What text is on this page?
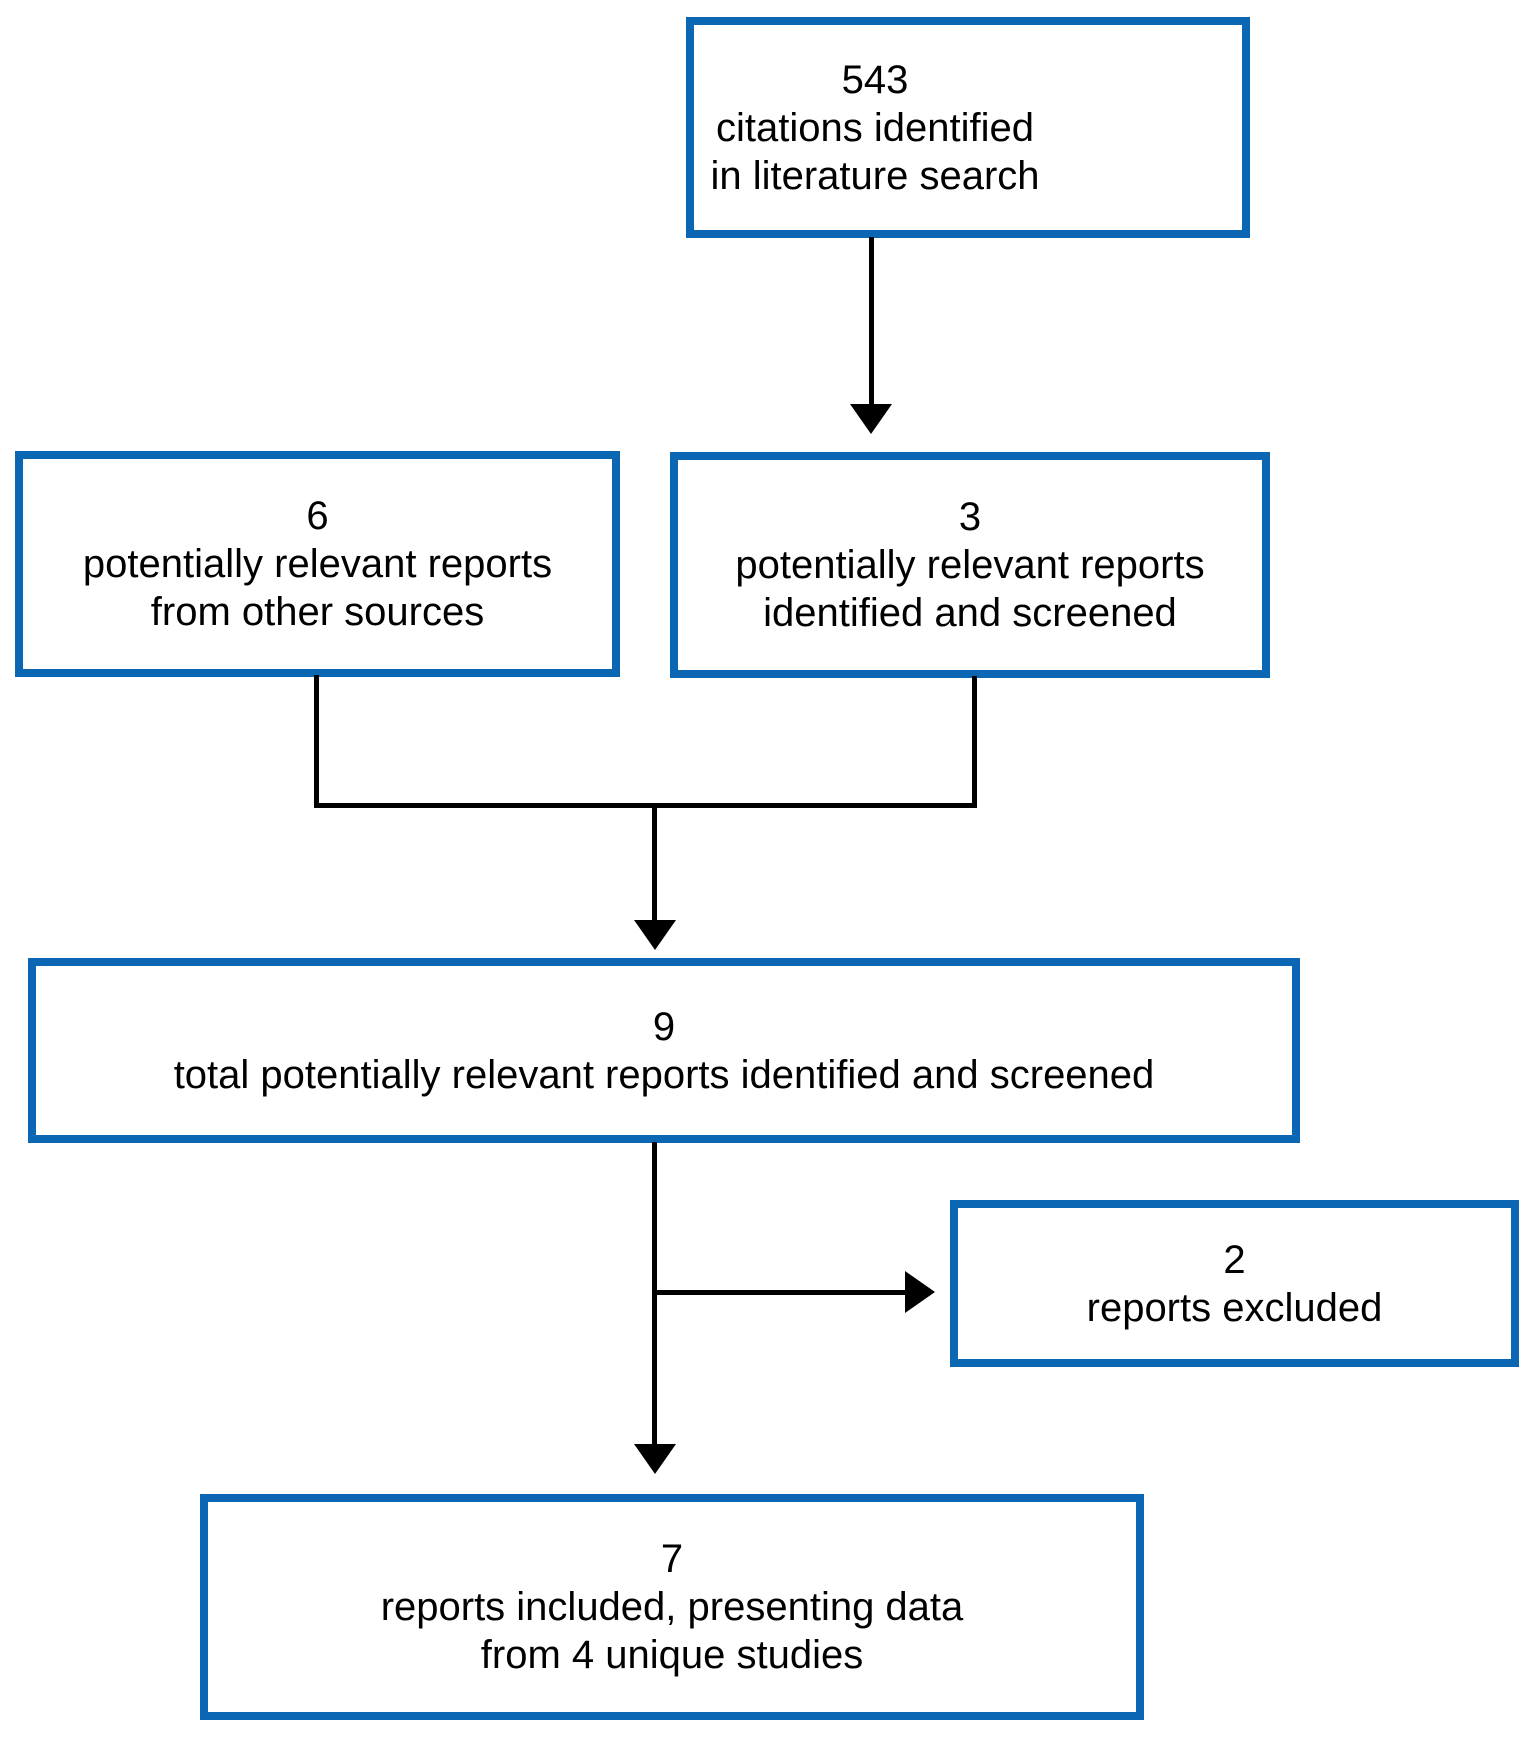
543
citations identified
in literature search
6
potentially relevant reports
from other sources
3
potentially relevant reports
identified and screened
9
total potentially relevant reports identified and screened
2
reports excluded
7
reports included, presenting data
from 4 unique studies
